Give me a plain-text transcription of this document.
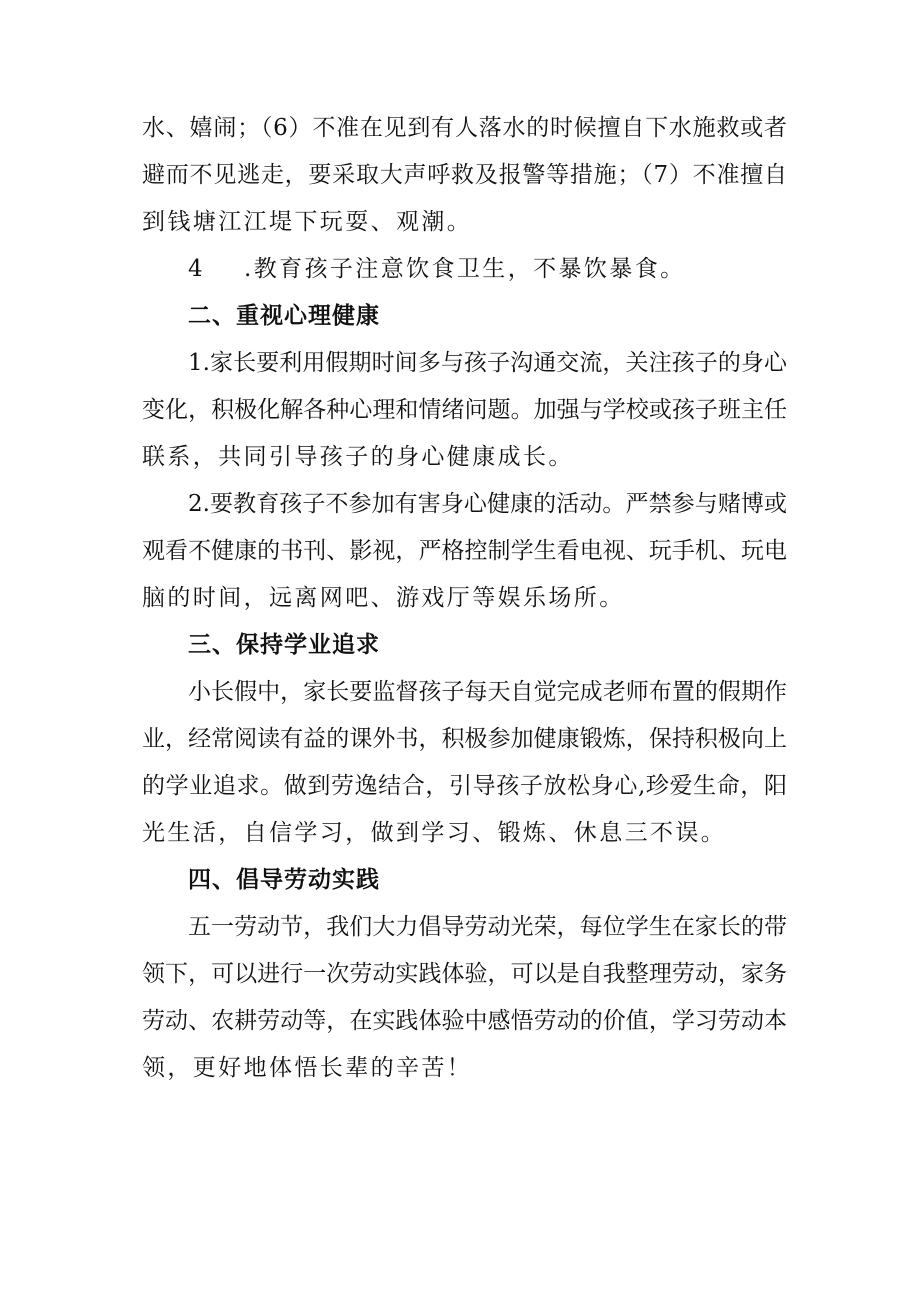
水、嬉闹；（6）不准在见到有人落水的时候擅自下水施救或者
避而不见逃走，要采取大声呼救及报警等措施；（7）不准擅自
到钱塘江江堤下玩耍、观潮。
4 .教育孩子注意饮食卫生，不暴饮暴食。
二、重视心理健康
1.家长要利用假期时间多与孩子沟通交流，关注孩子的身心
变化，积极化解各种心理和情绪问题。加强与学校或孩子班主任
联系，共同引导孩子的身心健康成长。
2.要教育孩子不参加有害身心健康的活动。严禁参与赌博或
观看不健康的书刊、影视，严格控制学生看电视、玩手机、玩电
脑的时间，远离网吧、游戏厅等娱乐场所。
三、保持学业追求
小长假中，家长要监督孩子每天自觉完成老师布置的假期作
业，经常阅读有益的课外书，积极参加健康锻炼，保持积极向上
的学业追求。做到劳逸结合，引导孩子放松身心,珍爱生命，阳
光生活，自信学习，做到学习、锻炼、休息三不误。
四、倡导劳动实践
五一劳动节，我们大力倡导劳动光荣，每位学生在家长的带
领下，可以进行一次劳动实践体验，可以是自我整理劳动，家务
劳动、农耕劳动等，在实践体验中感悟劳动的价值，学习劳动本
领，更好地体悟长辈的辛苦！
